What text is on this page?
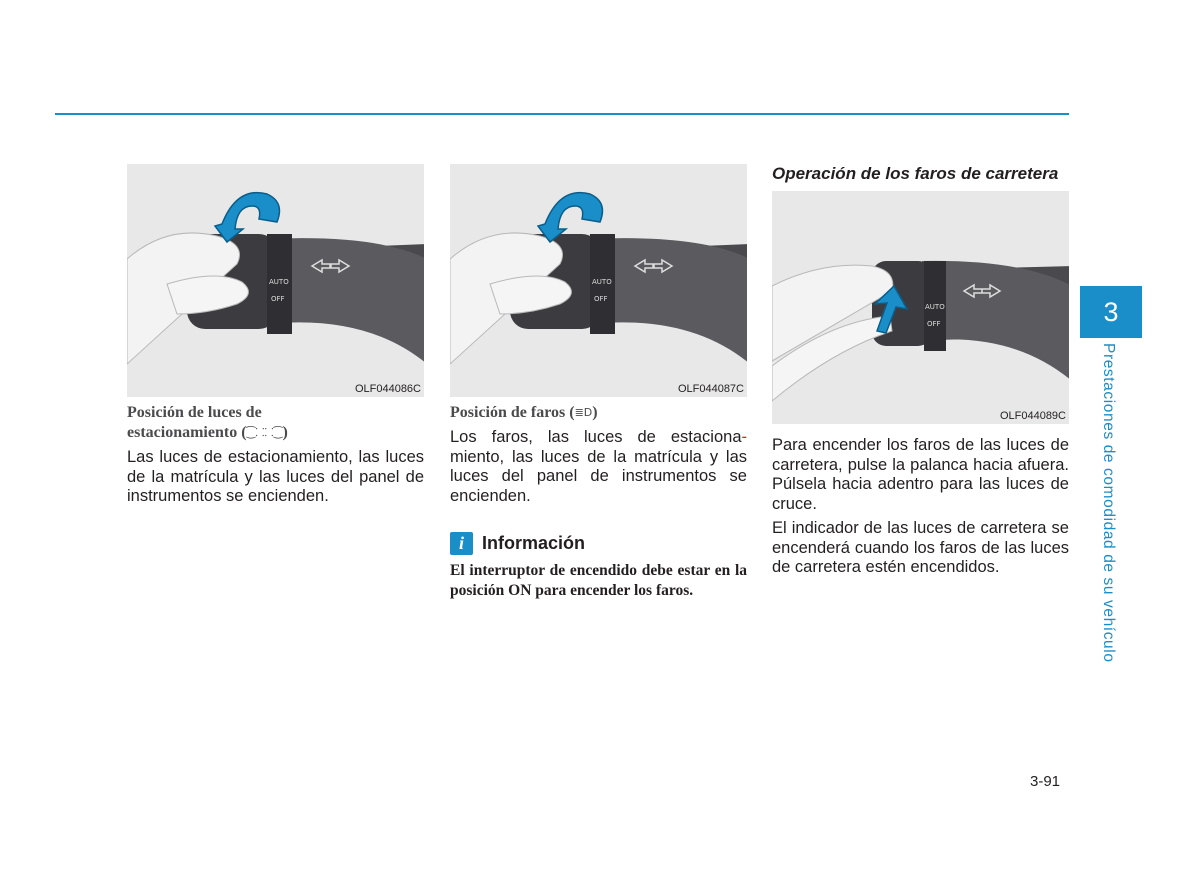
AUTO
OFF
OLF044086C
Posición de luces de
estacionamiento (⁐⸬⸬⁐)
Las luces de estacionamiento, las luces de la matrícula y las luces del panel de instrumentos se encienden.
AUTO
OFF
OLF044087C
Posición de faros (≣D)
Los faros, las luces de estaciona- miento, las luces de la matrícula y las luces del panel de instrumentos se encienden.
i	Información
El interruptor de encendido debe estar en la posición ON para encender los faros.
Operación de los faros de carretera
AUTO
OFF
OLF044089C

Para encender los faros de las luces de carretera, pulse la palanca hacia afuera. Púlsela hacia adentro para las luces de cruce.

El indicador de las luces de carretera se encenderá cuando los faros de las luces de carretera estén encendidos.

3
Prestaciones de comodidad de su vehículo
3-91
